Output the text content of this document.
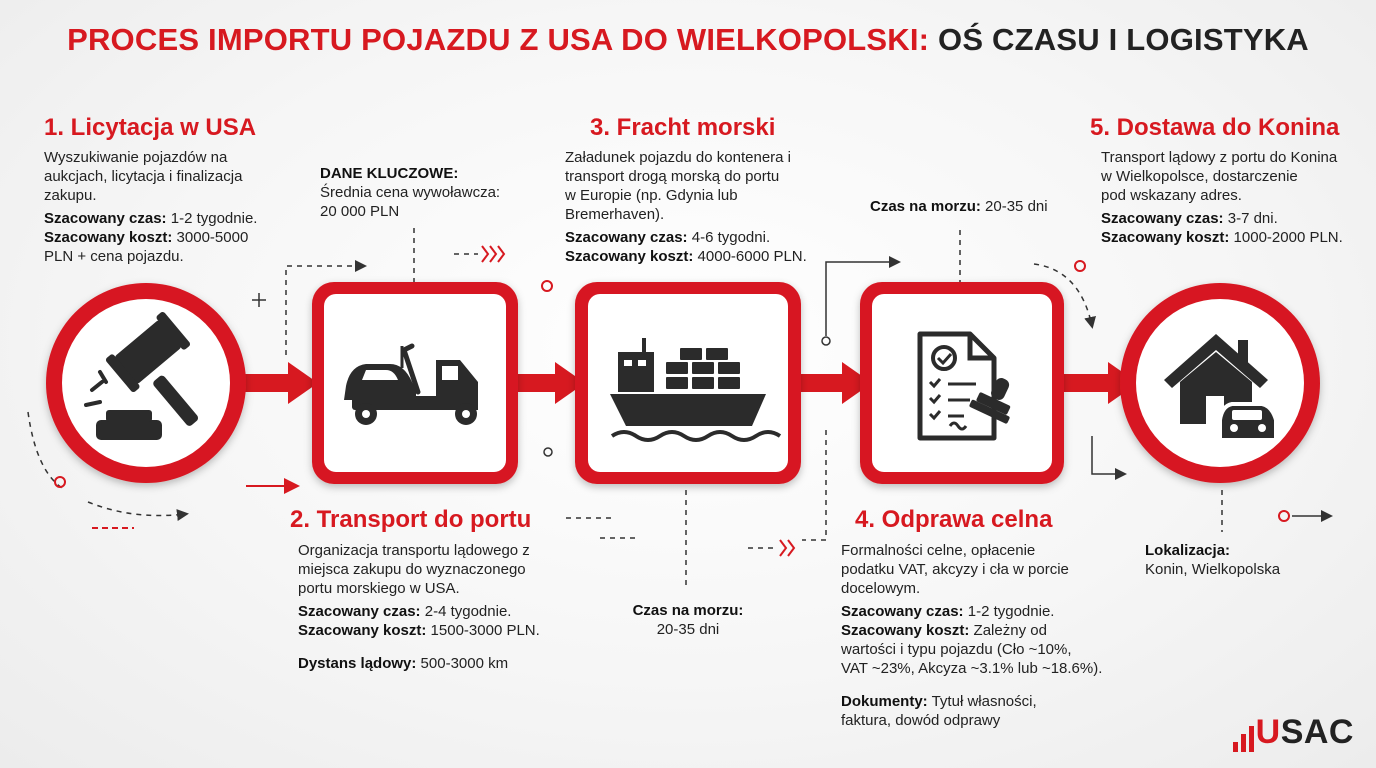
PROCES IMPORTU POJAZDU Z USA DO WIELKOPOLSKI: OŚ CZASU I LOGISTYKA
1. Licytacja w USA
Wyszukiwanie pojazdów na
aukcjach, licytacja i finalizacja
zakupu.
Szacowany czas: 1-2 tygodnie.
Szacowany koszt: 3000-5000
PLN + cena pojazdu.
DANE KLUCZOWE:
Średnia cena wywoławcza:
20 000 PLN
2. Transport do portu
Organizacja transportu lądowego z
miejsca zakupu do wyznaczonego
portu morskiego w USA.
Szacowany czas: 2-4 tygodnie.
Szacowany koszt: 1500-3000 PLN.
Dystans lądowy: 500-3000 km
3. Fracht morski
Załadunek pojazdu do kontenera i
transport drogą morską do portu
w Europie (np. Gdynia lub
Bremerhaven).
Szacowany czas: 4-6 tygodni.
Szacowany koszt: 4000-6000 PLN.
Czas na morzu: 20-35 dni
Czas na morzu:
20-35 dni
4. Odprawa celna
Formalności celne, opłacenie
podatku VAT, akcyzy i cła w porcie
docelowym.
Szacowany czas: 1-2 tygodnie.
Szacowany koszt: Zależny od
wartości i typu pojazdu (Cło ~10%,
VAT ~23%, Akcyza ~3.1% lub ~18.6%).
Dokumenty: Tytuł własności,
faktura, dowód odprawy
5. Dostawa do Konina
Transport lądowy z portu do Konina
w Wielkopolsce, dostarczenie
pod wskazany adres.
Szacowany czas: 3-7 dni.
Szacowany koszt: 1000-2000 PLN.
Lokalizacja:
Konin, Wielkopolska
U SAC
